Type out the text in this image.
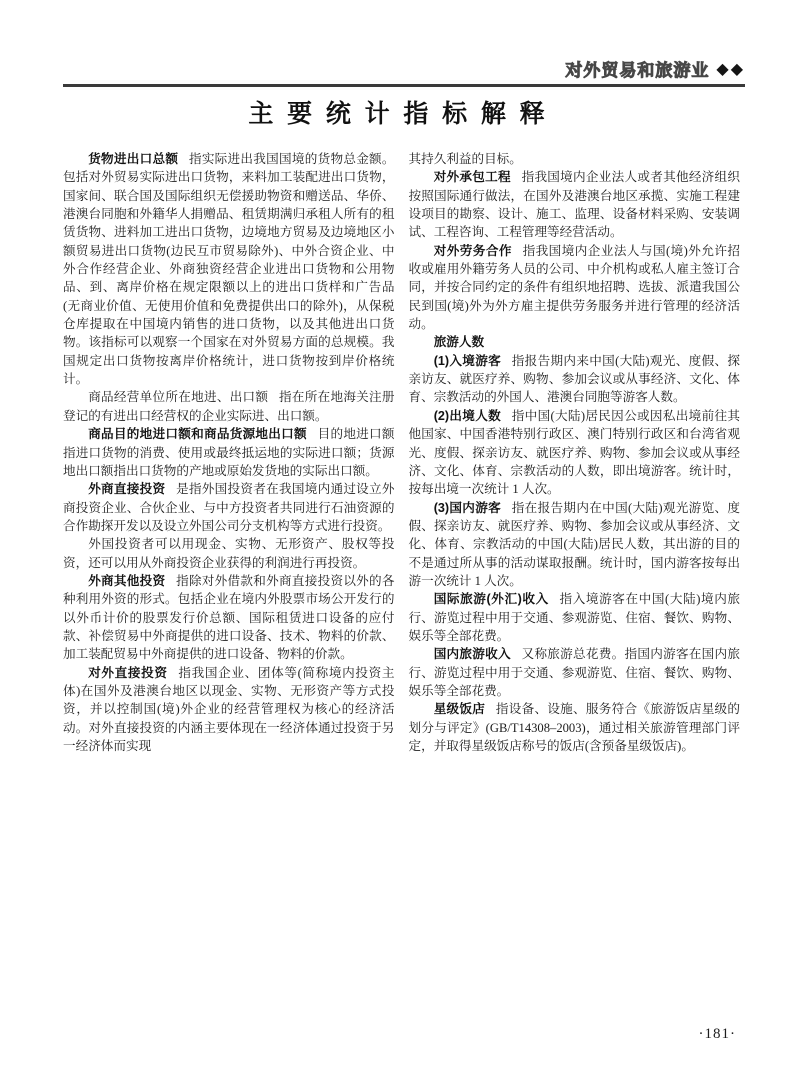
对外贸易和旅游业 ◆◆
主要统计指标解释

货物进出口总额 指实际进出我国国境的货物总金额。包括对外贸易实际进出口货物，来料加工装配进出口货物，国家间、联合国及国际组织无偿援助物资和赠送品、华侨、港澳台同胞和外籍华人捐赠品、租赁期满归承租人所有的租赁货物、进料加工进出口货物，边境地方贸易及边境地区小额贸易进出口货物(边民互市贸易除外)、中外合资企业、中外合作经营企业、外商独资经营企业进出口货物和公用物品、到、离岸价格在规定限额以上的进出口货样和广告品(无商业价值、无使用价值和免费提供出口的除外)，从保税仓库提取在中国境内销售的进口货物，以及其他进出口货物。该指标可以观察一个国家在对外贸易方面的总规模。我国规定出口货物按离岸价格统计，进口货物按到岸价格统计。

商品经营单位所在地进、出口额 指在所在地海关注册登记的有进出口经营权的企业实际进、出口额。

商品目的地进口额和商品货源地出口额 目的地进口额指进口货物的消费、使用或最终抵运地的实际进口额；货源地出口额指出口货物的产地或原始发货地的实际出口额。

外商直接投资 是指外国投资者在我国境内通过设立外商投资企业、合伙企业、与中方投资者共同进行石油资源的合作勘探开发以及设立外国公司分支机构等方式进行投资。

外国投资者可以用现金、实物、无形资产、股权等投资，还可以用从外商投资企业获得的利润进行再投资。

外商其他投资 指除对外借款和外商直接投资以外的各种利用外资的形式。包括企业在境内外股票市场公开发行的以外币计价的股票发行价总额、国际租赁进口设备的应付款、补偿贸易中外商提供的进口设备、技术、物料的价款、加工装配贸易中外商提供的进口设备、物料的价款。

对外直接投资 指我国企业、团体等(简称境内投资主体)在国外及港澳台地区以现金、实物、无形资产等方式投资，并以控制国(境)外企业的经营管理权为核心的经济活动。对外直接投资的内涵主要体现在一经济体通过投资于另一经济体而实现

其持久利益的目标。

对外承包工程 指我国境内企业法人或者其他经济组织按照国际通行做法，在国外及港澳台地区承揽、实施工程建设项目的勘察、设计、施工、监理、设备材料采购、安装调试、工程咨询、工程管理等经营活动。

对外劳务合作 指我国境内企业法人与国(境)外允许招收或雇用外籍劳务人员的公司、中介机构或私人雇主签订合同，并按合同约定的条件有组织地招聘、选拔、派遣我国公民到国(境)外为外方雇主提供劳务服务并进行管理的经济活动。

旅游人数

(1)入境游客 指报告期内来中国(大陆)观光、度假、探亲访友、就医疗养、购物、参加会议或从事经济、文化、体育、宗教活动的外国人、港澳台同胞等游客人数。

(2)出境人数 指中国(大陆)居民因公或因私出境前往其他国家、中国香港特别行政区、澳门特别行政区和台湾省观光、度假、探亲访友、就医疗养、购物、参加会议或从事经济、文化、体育、宗教活动的人数，即出境游客。统计时，按每出境一次统计 1 人次。

(3)国内游客 指在报告期内在中国(大陆)观光游览、度假、探亲访友、就医疗养、购物、参加会议或从事经济、文化、体育、宗教活动的中国(大陆)居民人数，其出游的目的不是通过所从事的活动谋取报酬。统计时，国内游客按每出游一次统计 1 人次。

国际旅游(外汇)收入 指入境游客在中国(大陆)境内旅行、游览过程中用于交通、参观游览、住宿、餐饮、购物、娱乐等全部花费。

国内旅游收入 又称旅游总花费。指国内游客在国内旅行、游览过程中用于交通、参观游览、住宿、餐饮、购物、娱乐等全部花费。

星级饭店 指设备、设施、服务符合《旅游饭店星级的划分与评定》(GB/T14308–2003)，通过相关旅游管理部门评定，并取得星级饭店称号的饭店(含预备星级饭店)。

·181·
